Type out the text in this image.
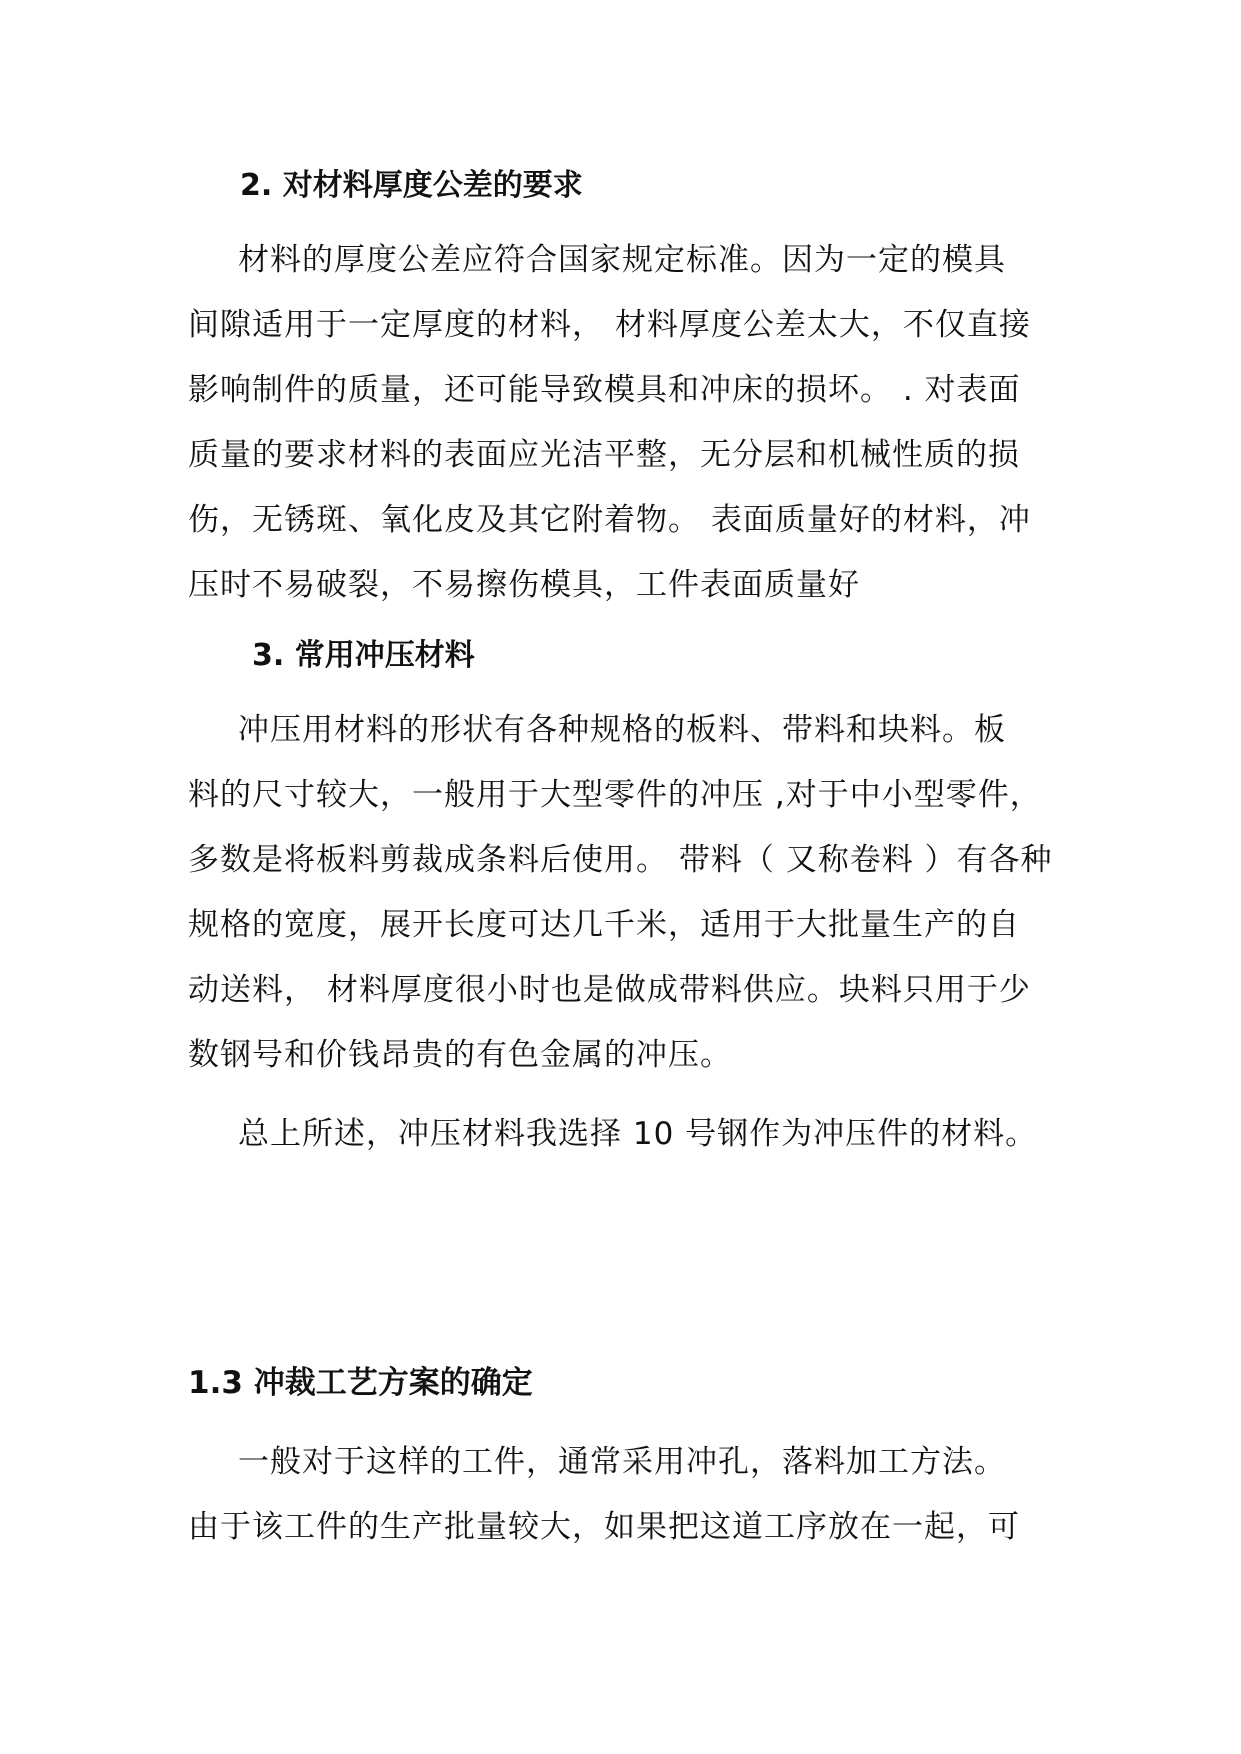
2. 对材料厚度公差的要求

材料的厚度公差应符合国家规定标准。因为一定的模具
间隙适用于一定厚度的材料， 材料厚度公差太大，不仅直接
影响制件的质量，还可能导致模具和冲床的损坏。 . 对表面
质量的要求材料的表面应光洁平整，无分层和机械性质的损
伤，无锈斑、氧化皮及其它附着物。 表面质量好的材料，冲
压时不易破裂，不易擦伤模具，工件表面质量好

3. 常用冲压材料

冲压用材料的形状有各种规格的板料、带料和块料。板
料的尺寸较大，一般用于大型零件的冲压 ,对于中小型零件，
多数是将板料剪裁成条料后使用。 带料（ 又称卷料 ）有各种
规格的宽度，展开长度可达几千米，适用于大批量生产的自
动送料， 材料厚度很小时也是做成带料供应。块料只用于少
数钢号和价钱昂贵的有色金属的冲压。

总上所述，冲压材料我选择 10 号钢作为冲压件的材料。

1.3 冲裁工艺方案的确定

一般对于这样的工件，通常采用冲孔，落料加工方法。
由于该工件的生产批量较大，如果把这道工序放在一起，可
